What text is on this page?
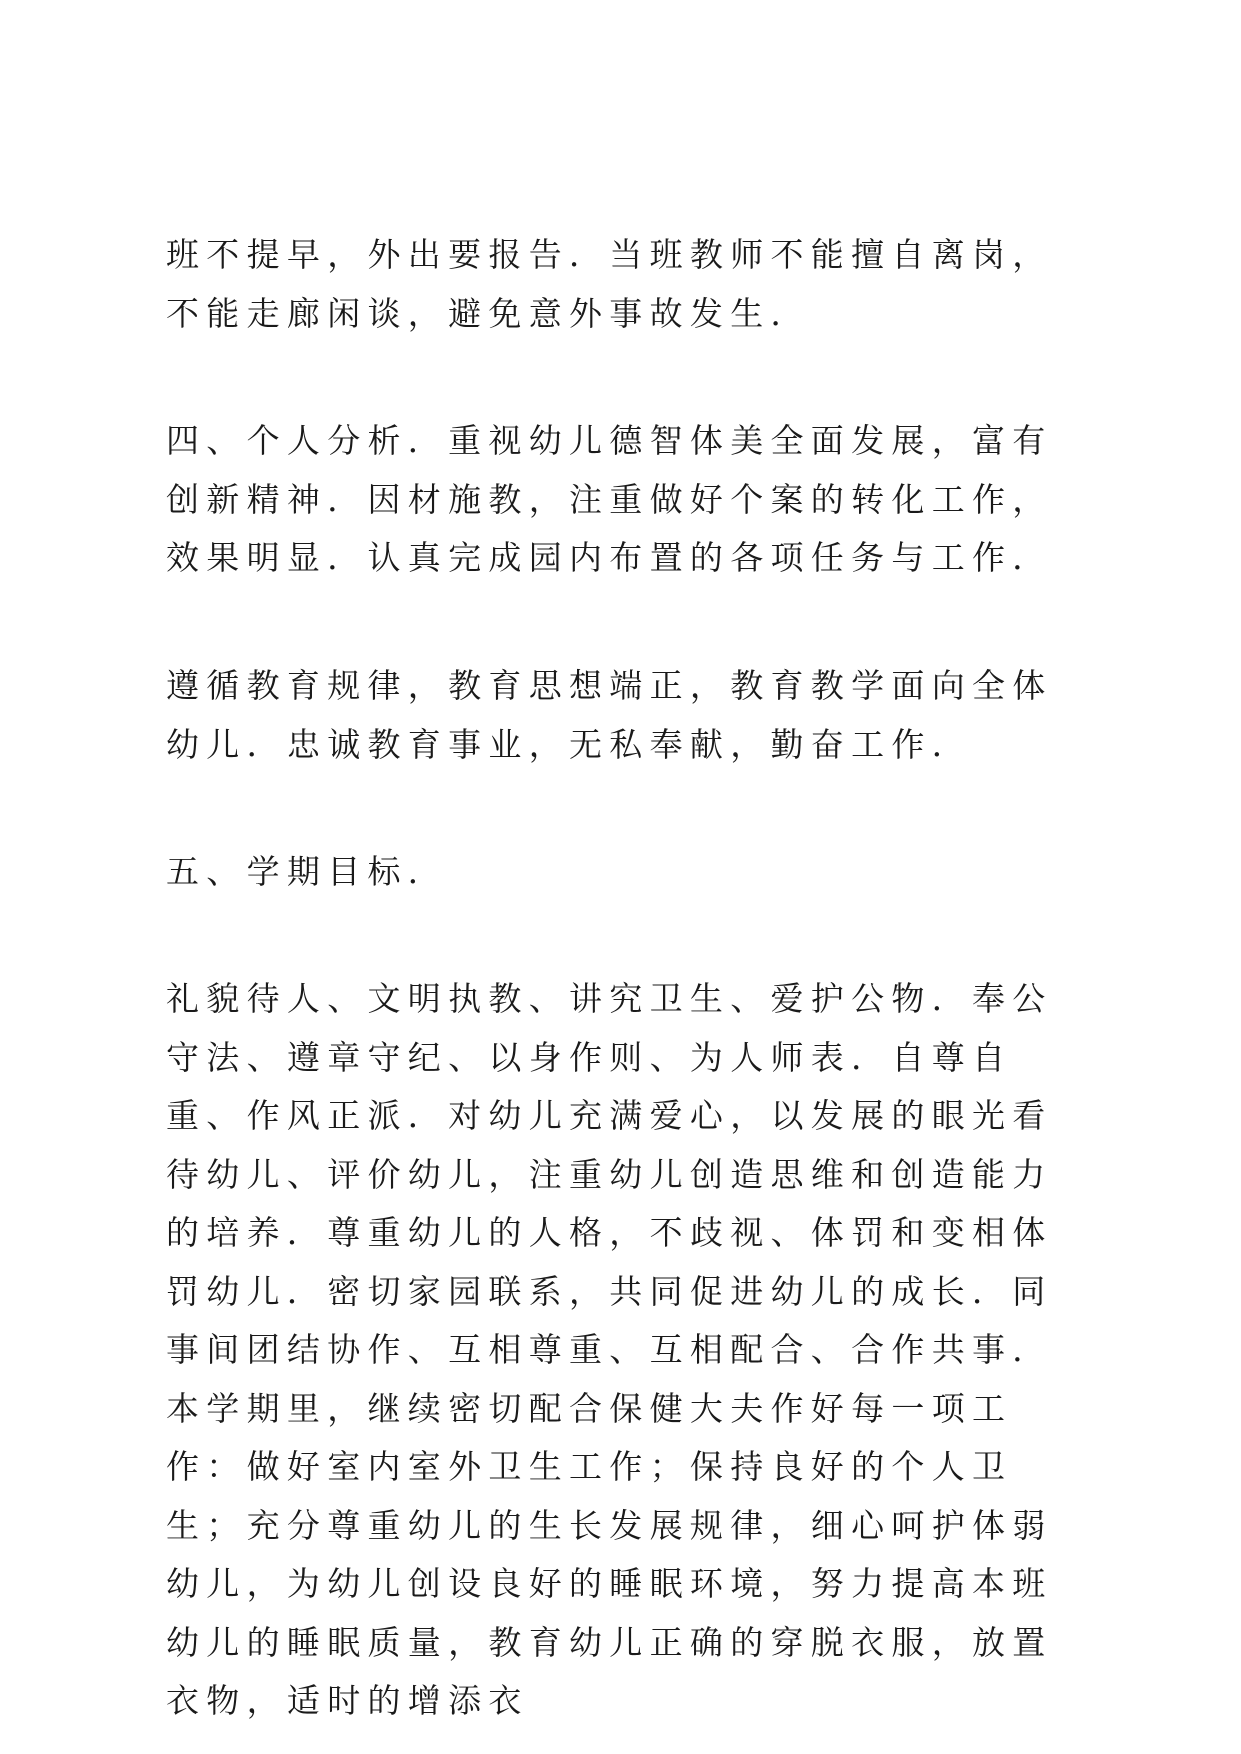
班不提早，外出要报告．当班教师不能擅自离岗，不能走廊闲谈，避免意外事故发生．

四、个人分析．重视幼儿德智体美全面发展，富有创新精神．因材施教，注重做好个案的转化工作，效果明显．认真完成园内布置的各项任务与工作．

遵循教育规律，教育思想端正，教育教学面向全体幼儿．忠诚教育事业，无私奉献，勤奋工作．

五、学期目标．

礼貌待人、文明执教、讲究卫生、爱护公物．奉公守法、遵章守纪、以身作则、为人师表．自尊自重、作风正派．对幼儿充满爱心，以发展的眼光看待幼儿、评价幼儿，注重幼儿创造思维和创造能力的培养．尊重幼儿的人格，不歧视、体罚和变相体罚幼儿．密切家园联系，共同促进幼儿的成长．同事间团结协作、互相尊重、互相配合、合作共事．本学期里，继续密切配合保健大夫作好每一项工作：做好室内室外卫生工作；保持良好的个人卫生；充分尊重幼儿的生长发展规律，细心呵护体弱幼儿，为幼儿创设良好的睡眠环境，努力提高本班幼儿的睡眠质量，教育幼儿正确的穿脱衣服，放置衣物，适时的增添衣
